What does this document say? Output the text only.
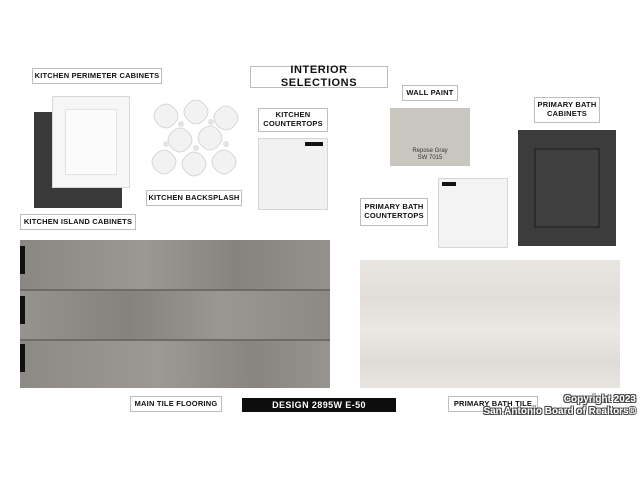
INTERIOR SELECTIONS
KITCHEN PERIMETER CABINETS
KITCHEN BACKSPLASH
KITCHEN
COUNTERTOPS
KITCHEN ISLAND CABINETS
MAIN TILE FLOORING	DESIGN 2895W E-50
WALL PAINT
Repose Gray
SW 7015
PRIMARY BATH
COUNTERTOPS
PRIMARY BATH
CABINETS
PRIMARY BATH TILE	Copyright 2023
San Antonio Board of Realtors®
